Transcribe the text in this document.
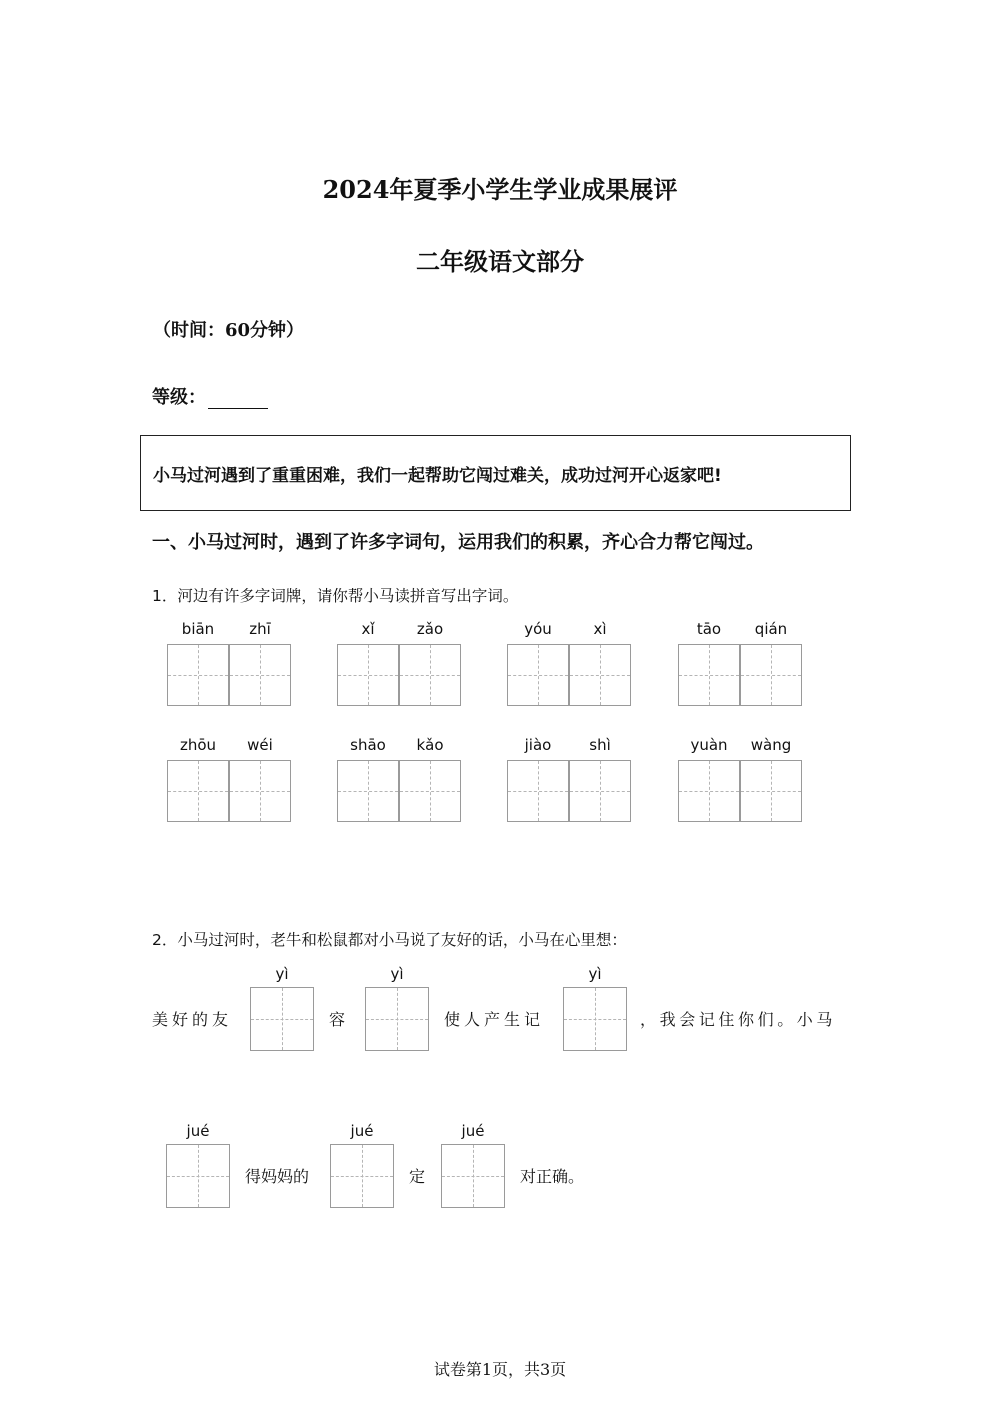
2024年夏季小学生学业成果展评
二年级语文部分
（时间：60分钟）
等级：
小马过河遇到了重重困难，我们一起帮助它闯过难关，成功过河开心返家吧!
一、小马过河时，遇到了许多字词句，运用我们的积累，齐心合力帮它闯过。
1．河边有许多字词牌，请你帮小马读拼音写出字词。
biān	zhī	xǐ	zǎo	yóu	xì	tāo	qián
zhōu	wéi	shāo	kǎo	jiào	shì	yuàn	wàng
2．小马过河时，老牛和松鼠都对小马说了友好的话，小马在心里想：
美好的友
yì
容
yì
使人产生记
yì
，我会记住你们。小马
jué
得妈妈的
jué
定
jué
对正确。
试卷第1页，共3页
